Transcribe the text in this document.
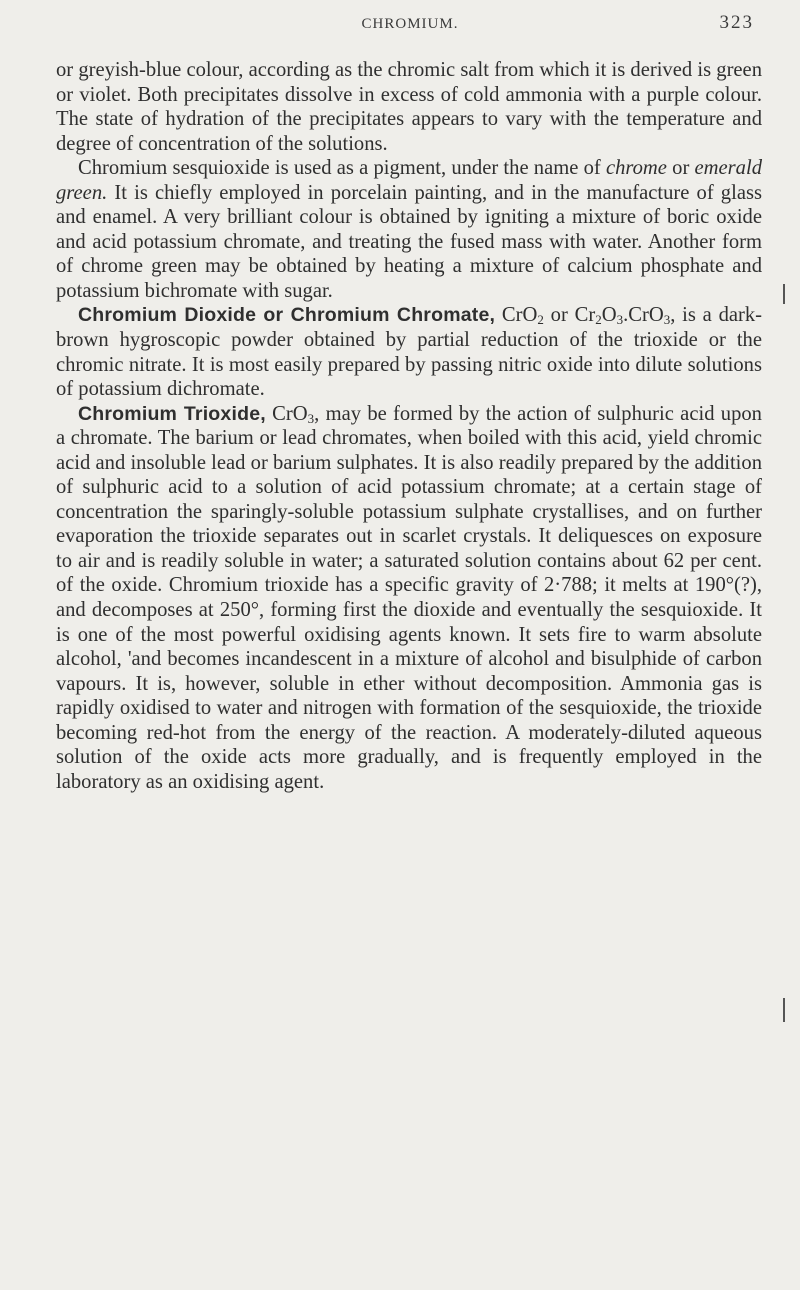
CHROMIUM.	323

or greyish-blue colour, according as the chromic salt from which it is derived is green or violet. Both precipitates dissolve in excess of cold ammonia with a purple colour. The state of hydration of the precipitates appears to vary with the temperature and degree of concentration of the solutions.

Chromium sesquioxide is used as a pigment, under the name of chrome or emerald green. It is chiefly employed in porcelain painting, and in the manufacture of glass and enamel. A very brilliant colour is obtained by igniting a mixture of boric oxide and acid potassium chromate, and treating the fused mass with water. Another form of chrome green may be obtained by heating a mixture of calcium phosphate and potassium bichromate with sugar.

Chromium Dioxide or Chromium Chromate, CrO$_2$ or $Cr_2O_3.CrO_3$, is a dark-brown hygroscopic powder obtained by partial reduction of the trioxide or the chromic nitrate. It is most easily prepared by passing nitric oxide into dilute solutions of potassium dichromate.

Chromium Trioxide, CrO$_3$, may be formed by the action of sulphuric acid upon a chromate. The barium or lead chromates, when boiled with this acid, yield chromic acid and insoluble lead or barium sulphates. It is also readily prepared by the addition of sulphuric acid to a solution of acid potassium chromate; at a certain stage of concentration the sparingly-soluble potassium sulphate crystallises, and on further evaporation the trioxide separates out in scarlet crystals. It deliquesces on exposure to air and is readily soluble in water; a saturated solution contains about 62 per cent. of the oxide. Chromium trioxide has a specific gravity of 2·788; it melts at 190°(?), and decomposes at 250°, forming first the dioxide and eventually the sesquioxide. It is one of the most powerful oxidising agents known. It sets fire to warm absolute alcohol, 'and becomes incandescent in a mixture of alcohol and bisulphide of carbon vapours. It is, however, soluble in ether without decomposition. Ammonia gas is rapidly oxidised to water and nitrogen with formation of the sesquioxide, the trioxide becoming red-hot from the energy of the reaction. A moderately-diluted aqueous solution of the oxide acts more gradually, and is frequently employed in the laboratory as an oxidising agent.
